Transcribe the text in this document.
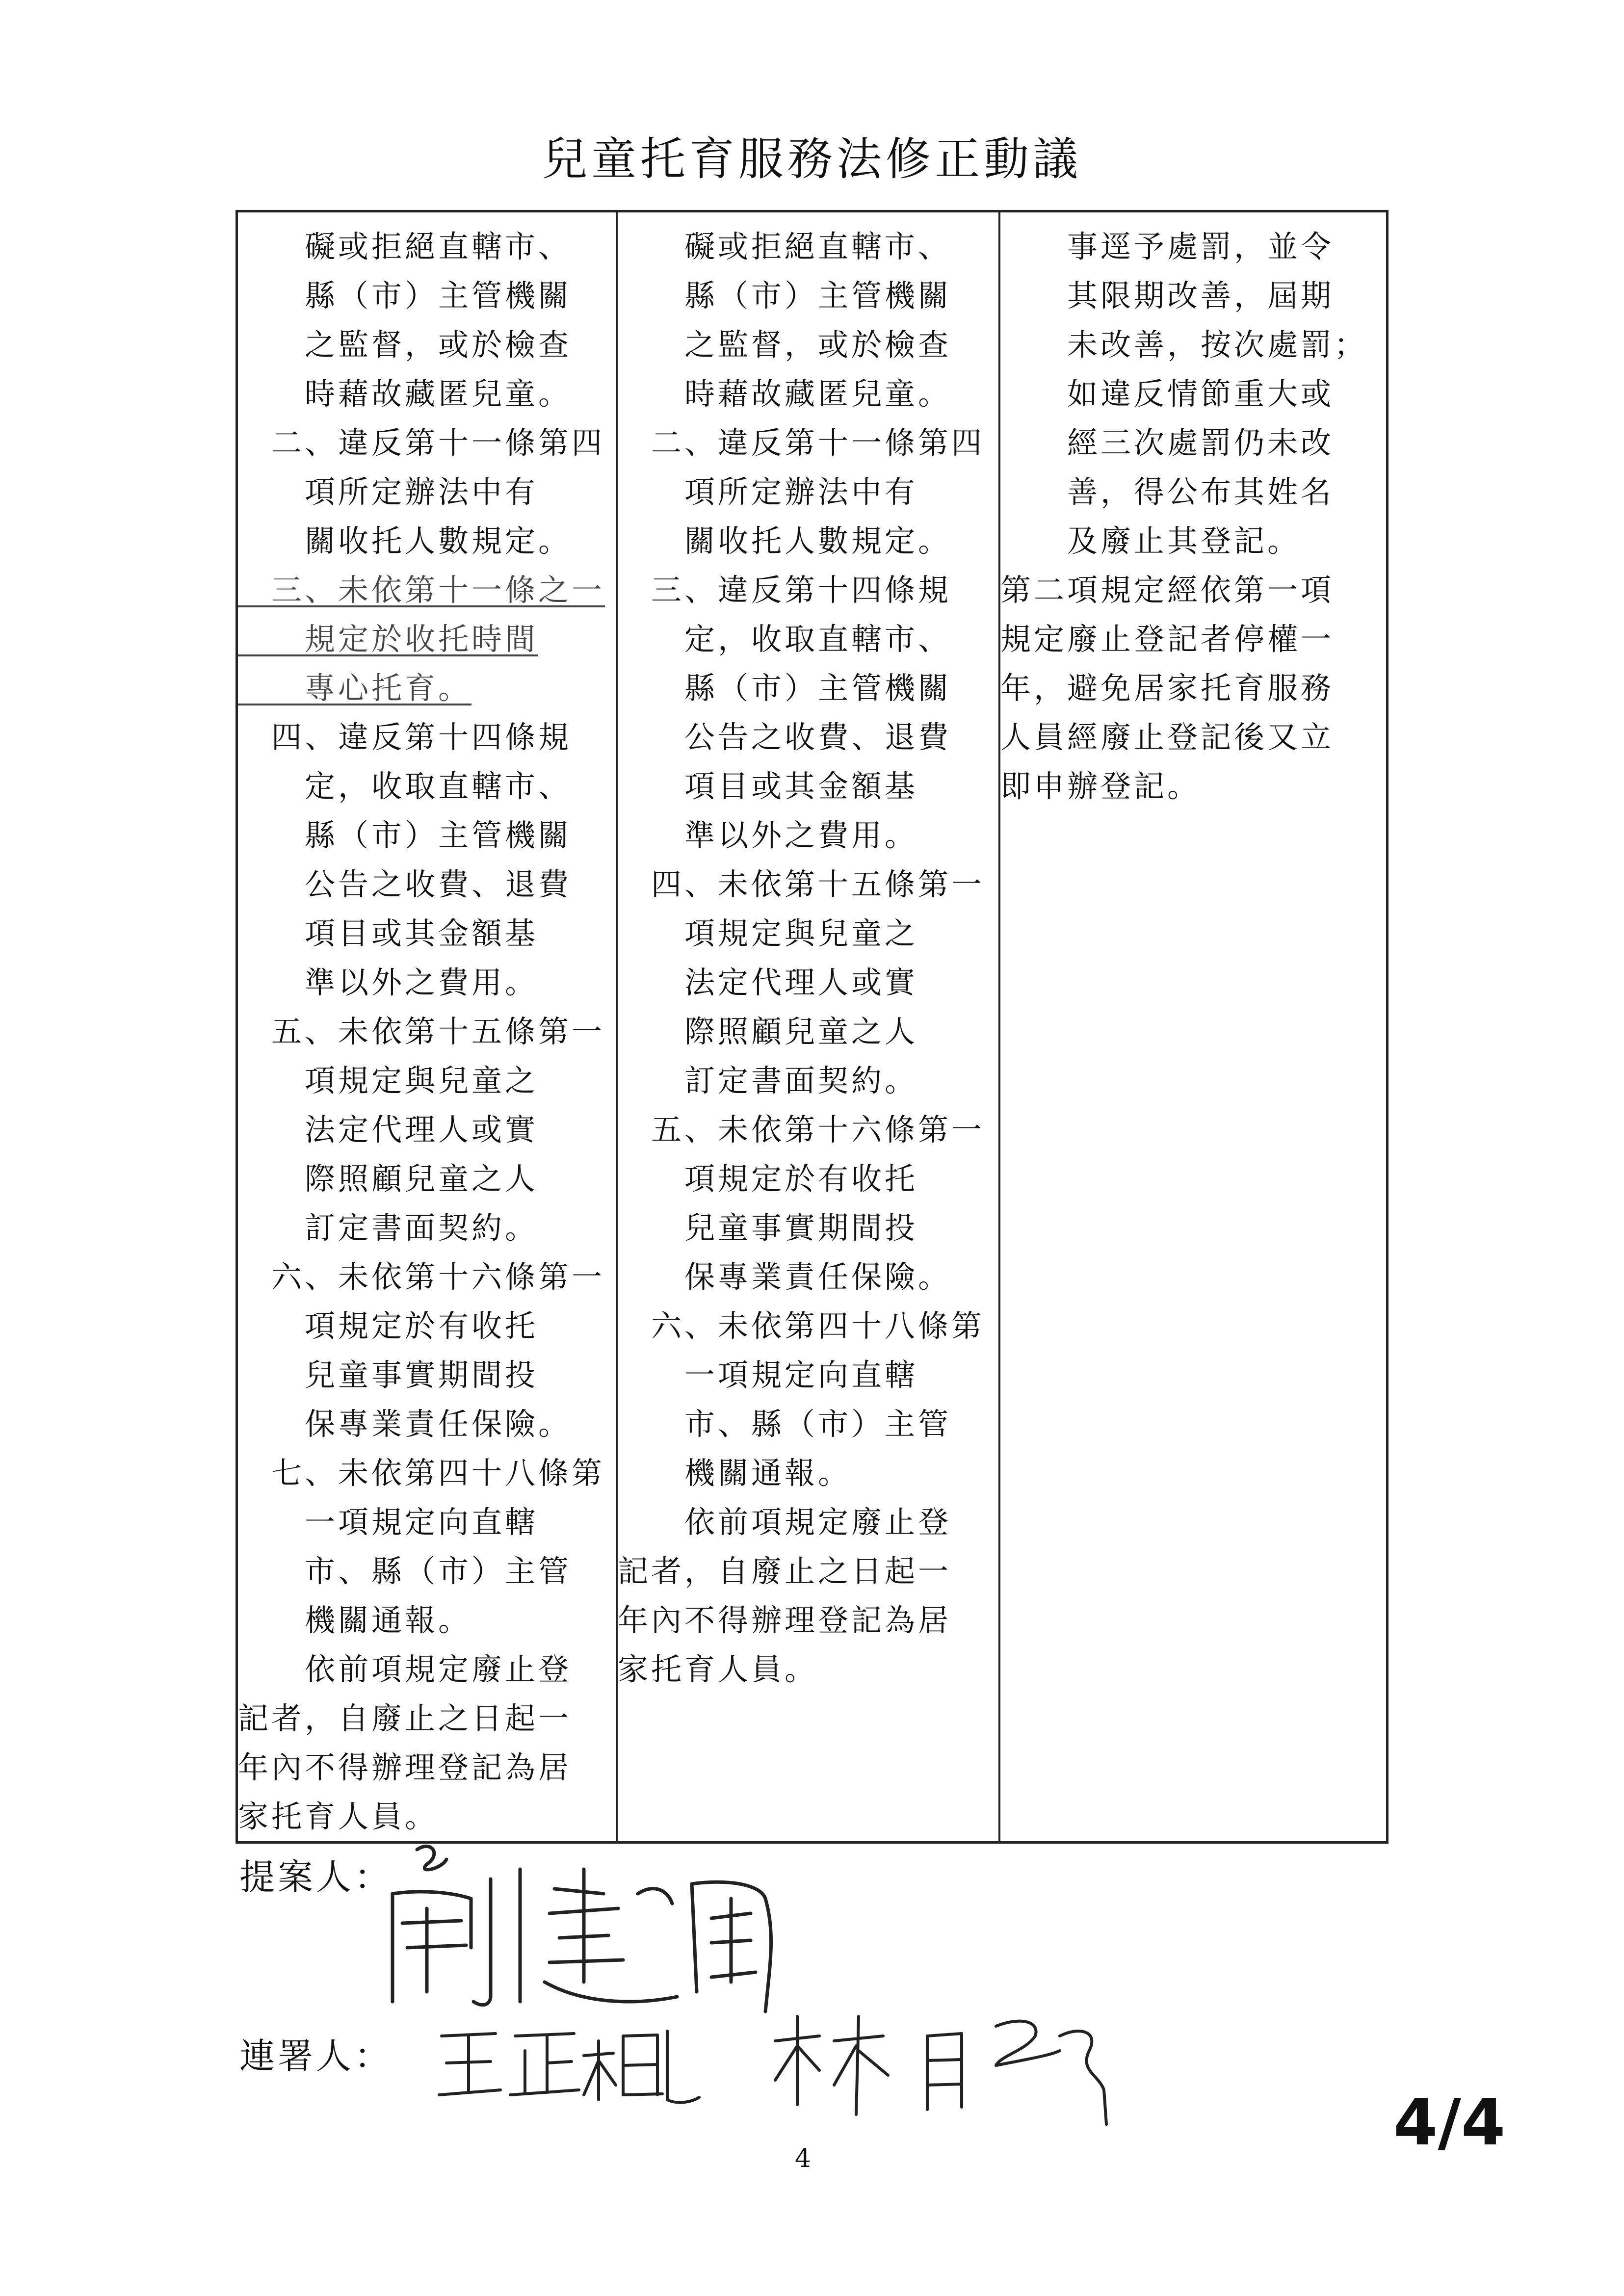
兒童托育服務法修正動議
　　礙或拒絕直轄市、
　　縣（市）主管機關
　　之監督，或於檢查
　　時藉故藏匿兒童。
　二、違反第十一條第四
　　項所定辦法中有
　　關收托人數規定。
　三、未依第十一條之一
　　規定於收托時間
　　專心托育。
　四、違反第十四條規
　　定，收取直轄市、
　　縣（市）主管機關
　　公告之收費、退費
　　項目或其金額基
　　準以外之費用。
　五、未依第十五條第一
　　項規定與兒童之
　　法定代理人或實
　　際照顧兒童之人
　　訂定書面契約。
　六、未依第十六條第一
　　項規定於有收托
　　兒童事實期間投
　　保專業責任保險。
　七、未依第四十八條第
　　一項規定向直轄
　　市、縣（市）主管
　　機關通報。
　　依前項規定廢止登
記者，自廢止之日起一
年內不得辦理登記為居
家托育人員。
　　礙或拒絕直轄市、
　　縣（市）主管機關
　　之監督，或於檢查
　　時藉故藏匿兒童。
　二、違反第十一條第四
　　項所定辦法中有
　　關收托人數規定。
　三、違反第十四條規
　　定，收取直轄市、
　　縣（市）主管機關
　　公告之收費、退費
　　項目或其金額基
　　準以外之費用。
　四、未依第十五條第一
　　項規定與兒童之
　　法定代理人或實
　　際照顧兒童之人
　　訂定書面契約。
　五、未依第十六條第一
　　項規定於有收托
　　兒童事實期間投
　　保專業責任保險。
　六、未依第四十八條第
　　一項規定向直轄
　　市、縣（市）主管
　　機關通報。
　　依前項規定廢止登
記者，自廢止之日起一
年內不得辦理登記為居
家托育人員。
　　事逕予處罰，並令
　　其限期改善，屆期
　　未改善，按次處罰；
　　如違反情節重大或
　　經三次處罰仍未改
　　善，得公布其姓名
　　及廢止其登記。
第二項規定經依第一項
規定廢止登記者停權一
年，避免居家托育服務
人員經廢止登記後又立
即申辦登記。
提案人：
連署人：
4	4/4
